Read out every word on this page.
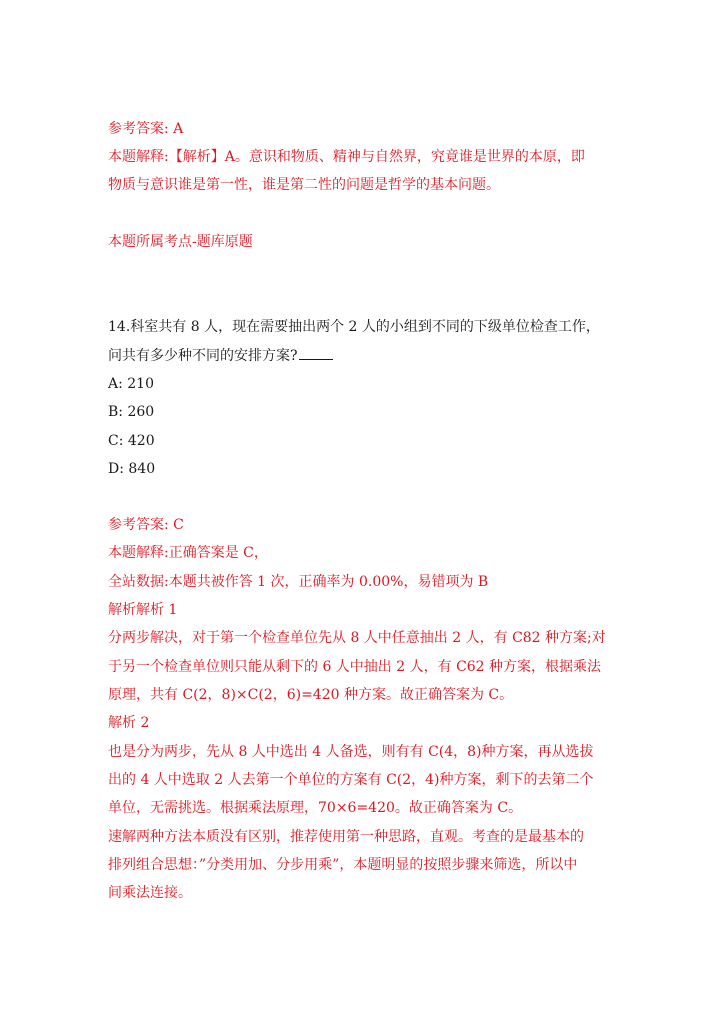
参考答案: A
本题解释:【解析】A。意识和物质、精神与自然界，究竟谁是世界的本原，即
物质与意识谁是第一性，谁是第二性的问题是哲学的基本问题。
本题所属考点-题库原题
14.科室共有 8 人，现在需要抽出两个 2 人的小组到不同的下级单位检查工作，
问共有多少种不同的安排方案?
A: 210
B: 260
C: 420
D: 840
参考答案: C
本题解释:正确答案是 C，
全站数据:本题共被作答 1 次，正确率为 0.00%，易错项为 B
解析解析 1
分两步解决，对于第一个检查单位先从 8 人中任意抽出 2 人，有 C82 种方案;对
于另一个检查单位则只能从剩下的 6 人中抽出 2 人，有 C62 种方案，根据乘法
原理，共有 C(2，8)×C(2，6)=420 种方案。故正确答案为 C。
解析 2
也是分为两步，先从 8 人中选出 4 人备选，则有有 C(4，8)种方案，再从选拔
出的 4 人中选取 2 人去第一个单位的方案有 C(2，4)种方案，剩下的去第二个
单位，无需挑选。根据乘法原理，70×6=420。故正确答案为 C。
速解两种方法本质没有区别，推荐使用第一种思路，直观。考查的是最基本的
排列组合思想：”分类用加、分步用乘”，本题明显的按照步骤来筛选，所以中
间乘法连接。
